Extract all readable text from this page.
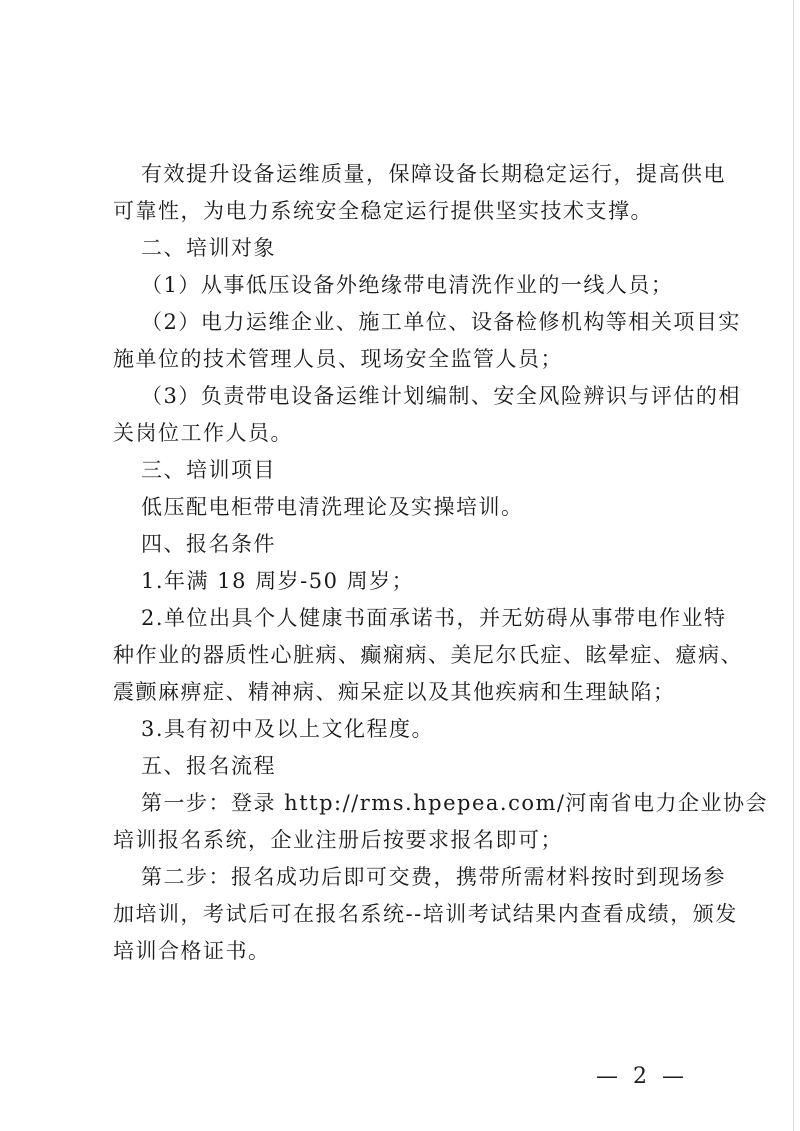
有效提升设备运维质量，保障设备长期稳定运行，提高供电
可靠性，为电力系统安全稳定运行提供坚实技术支撑。
二、培训对象
（1）从事低压设备外绝缘带电清洗作业的一线人员；
（2）电力运维企业、施工单位、设备检修机构等相关项目实
施单位的技术管理人员、现场安全监管人员；
（3）负责带电设备运维计划编制、安全风险辨识与评估的相
关岗位工作人员。
三、培训项目
低压配电柜带电清洗理论及实操培训。
四、报名条件
1.年满 18 周岁-50 周岁；
2.单位出具个人健康书面承诺书，并无妨碍从事带电作业特
种作业的器质性心脏病、癫痫病、美尼尔氏症、眩晕症、癔病、
震颤麻痹症、精神病、痴呆症以及其他疾病和生理缺陷；
3.具有初中及以上文化程度。
五、报名流程
第一步：登录 http://rms.hpepea.com/河南省电力企业协会
培训报名系统，企业注册后按要求报名即可；
第二步：报名成功后即可交费，携带所需材料按时到现场参
加培训，考试后可在报名系统--培训考试结果内查看成绩，颁发
培训合格证书。
— 2 —
